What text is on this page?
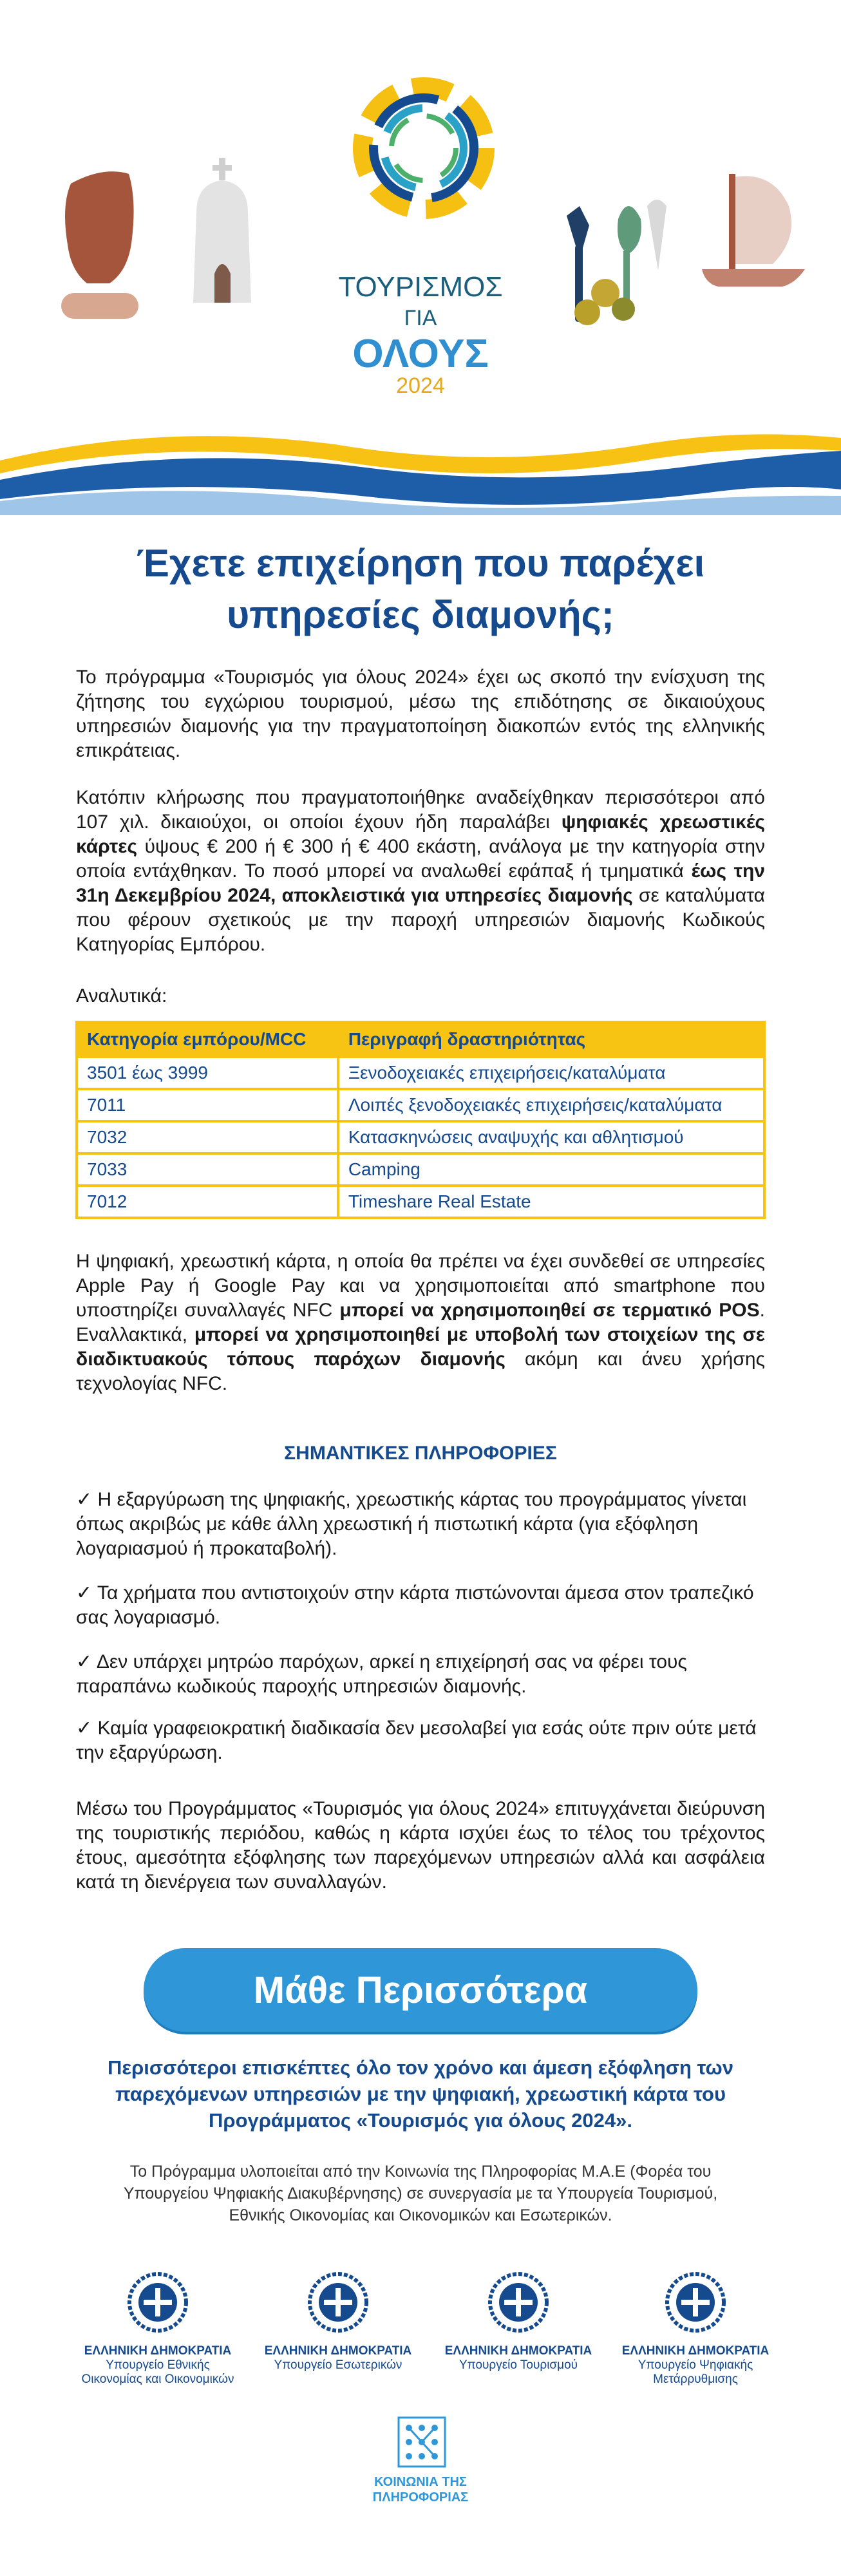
ΤΟΥΡΙΣΜΟΣ
ΓΙΑ
ΟΛΟΥΣ
2024
Έχετε επιχείρηση που παρέχει υπηρεσίες διαμονής;

Το πρόγραμμα «Τουρισμός για όλους 2024» έχει ως σκοπό την ενίσχυση της ζήτησης του εγχώριου τουρισμού, μέσω της επιδότησης σε δικαιούχους υπηρεσιών διαμονής για την πραγματοποίηση διακοπών εντός της ελληνικής επικράτειας.

Κατόπιν κλήρωσης που πραγματοποιήθηκε αναδείχθηκαν περισσότεροι από 107 χιλ. δικαιούχοι, οι οποίοι έχουν ήδη παραλάβει ψηφιακές χρεωστικές κάρτες ύψους € 200 ή € 300 ή € 400 εκάστη, ανάλογα με την κατηγορία στην οποία εντάχθηκαν. Το ποσό μπορεί να αναλωθεί εφάπαξ ή τμηματικά έως την 31η Δεκεμβρίου 2024, αποκλειστικά για υπηρεσίες διαμονής σε καταλύματα που φέρουν σχετικούς με την παροχή υπηρεσιών διαμονής Κωδικούς Κατηγορίας Εμπόρου.

Αναλυτικά:

Κατηγορία εμπόρου/MCC	Περιγραφή δραστηριότητας
3501 έως 3999	Ξενοδοχειακές επιχειρήσεις/καταλύματα
7011	Λοιπές ξενοδοχειακές επιχειρήσεις/καταλύματα
7032	Κατασκηνώσεις αναψυχής και αθλητισμού
7033	Camping
7012	Timeshare Real Estate

Η ψηφιακή, χρεωστική κάρτα, η οποία θα πρέπει να έχει συνδεθεί σε υπηρεσίες Apple Pay ή Google Pay και να χρησιμοποιείται από smartphone που υποστηρίζει συναλλαγές NFC μπορεί να χρησιμοποιηθεί σε τερματικό POS. Εναλλακτικά, μπορεί να χρησιμοποιηθεί με υποβολή των στοιχείων της σε διαδικτυακούς τόπους παρόχων διαμονής ακόμη και άνευ χρήσης τεχνολογίας NFC.

ΣΗΜΑΝΤΙΚΕΣ ΠΛΗΡΟΦΟΡΙΕΣ

✓ Η εξαργύρωση της ψηφιακής, χρεωστικής κάρτας του προγράμματος γίνεται όπως ακριβώς με κάθε άλλη χρεωστική ή πιστωτική κάρτα (για εξόφληση λογαριασμού ή προκαταβολή).

✓ Τα χρήματα που αντιστοιχούν στην κάρτα πιστώνονται άμεσα στον τραπεζικό σας λογαριασμό.

✓ Δεν υπάρχει μητρώο παρόχων, αρκεί η επιχείρησή σας να φέρει τους παραπάνω κωδικούς παροχής υπηρεσιών διαμονής.

✓ Καμία γραφειοκρατική διαδικασία δεν μεσολαβεί για εσάς ούτε πριν ούτε μετά την εξαργύρωση.

Μέσω του Προγράμματος «Τουρισμός για όλους 2024» επιτυγχάνεται διεύρυνση της τουριστικής περιόδου, καθώς η κάρτα ισχύει έως το τέλος του τρέχοντος έτους, αμεσότητα εξόφλησης των παρεχόμενων υπηρεσιών αλλά και ασφάλεια κατά τη διενέργεια των συναλλαγών.

Μάθε Περισσότερα

Περισσότεροι επισκέπτες όλο τον χρόνο και άμεση εξόφληση των παρεχόμενων υπηρεσιών με την ψηφιακή, χρεωστική κάρτα του Προγράμματος «Τουρισμός για όλους 2024».

Το Πρόγραμμα υλοποιείται από την Κοινωνία της Πληροφορίας Μ.Α.Ε (Φορέα του Υπουργείου Ψηφιακής Διακυβέρνησης) σε συνεργασία με τα Υπουργεία Τουρισμού, Εθνικής Οικονομίας και Οικονομικών και Εσωτερικών.

ΕΛΛΗΝΙΚΗ ΔΗΜΟΚΡΑΤΙΑ
Υπουργείο Εθνικής
Οικονομίας και Οικονομικών
ΕΛΛΗΝΙΚΗ ΔΗΜΟΚΡΑΤΙΑ
Υπουργείο Εσωτερικών
ΕΛΛΗΝΙΚΗ ΔΗΜΟΚΡΑΤΙΑ
Υπουργείο Τουρισμού
ΕΛΛΗΝΙΚΗ ΔΗΜΟΚΡΑΤΙΑ
Υπουργείο Ψηφιακής
Μετάρρυθμισης
ΚΟΙΝΩΝΙΑ ΤΗΣ
ΠΛΗΡΟΦΟΡΙΑΣ
